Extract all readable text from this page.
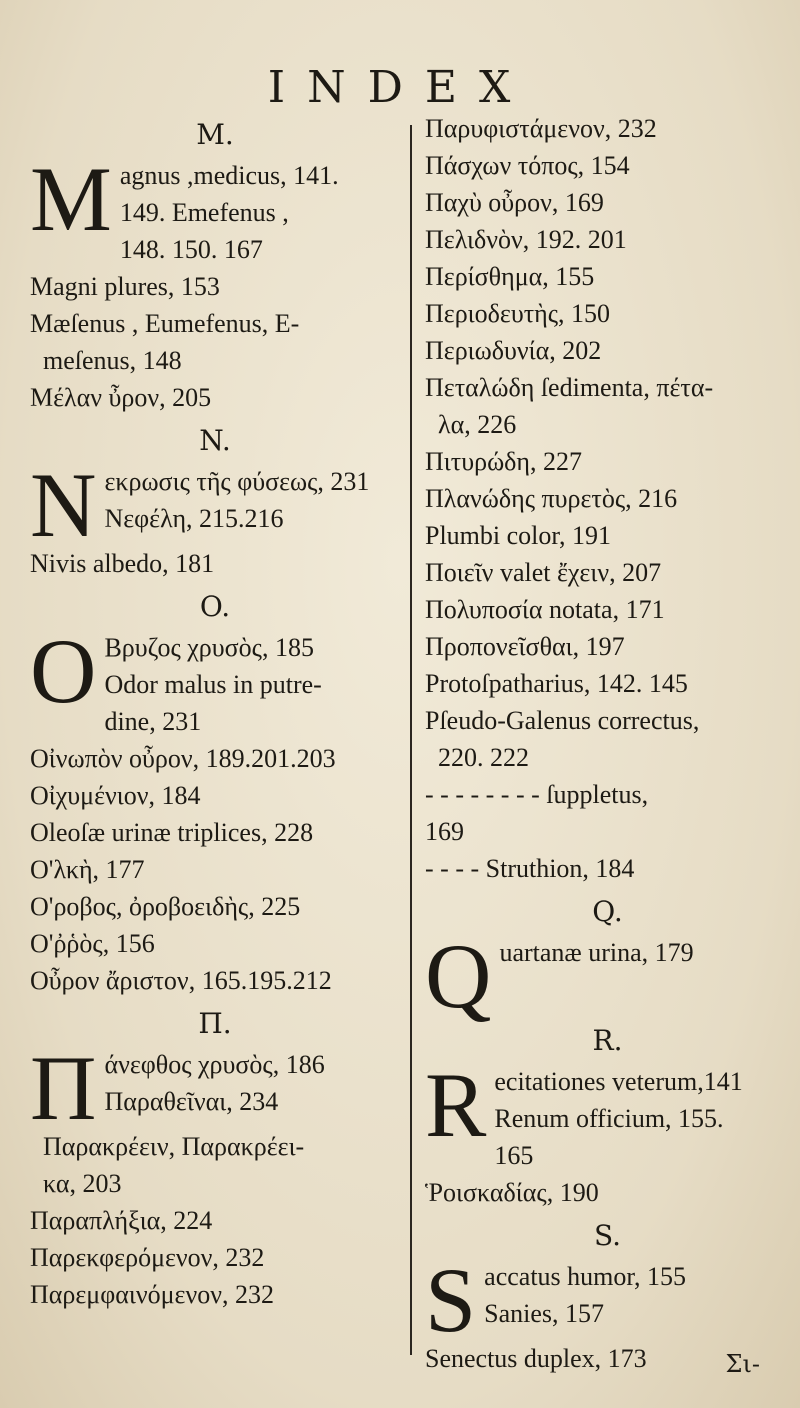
INDEX
M.
Magnus ,medicus, 141.
149. Emefenus ,
148. 150. 167
Magni plures, 153
Mæſenus , Eumefenus, E-
meſenus, 148
Μέλαν ὖρον, 205
N.
Nεκρωσις τῆς φύσεως, 231
Νεφέλη, 215.216
Nivis albedo, 181
O.
O Βρυζος χρυσὸς, 185
Odor malus in putre-
dine, 231
Οἰνωπὸν οὖρον, 189.201.203
Οἰχυμένιον, 184
Oleoſæ urinæ triplices, 228
Ο'λκὴ, 177
Ο'ροβος, ὀροβοειδὴς, 225
Ο'ῤῥὸς, 156
Οὖρον ἄριστον, 165.195.212
Π.
Πάνεφθος χρυσὸς, 186
Παραθεῖναι, 234
Παρακρέειν, Παρακρέει-
κα, 203
Παραπλήξια, 224
Παρεκφερόμενον, 232
Παρεμφαινόμενον, 232
Παρυφιστάμενον, 232
Πάσχων τόπος, 154
Παχὺ οὖρον, 169
Πελιδνὸν, 192. 201
Περίσθημα, 155
Περιοδευτὴς, 150
Περιωδυνία, 202
Πεταλώδη ſedimenta, πέτα-
λα, 226
Πιτυρώδη, 227
Πλανώδης πυρετὸς, 216
Plumbi color, 191
Ποιεῖν valet ἔχειν, 207
Πολυποσία notata, 171
Προπονεῖσθαι, 197
Protoſpatharius, 142. 145
Pſeudo-Galenus correctus,
220. 222
- - - - - - - - ſuppletus,
169
- - - - Struthion, 184
Q.
Quartanæ urina, 179
R.
Recitationes veterum,141
Renum officium, 155.
165
Ῥοισκαδίας, 190
S.
Saccatus humor, 155
Sanies, 157
Senectus duplex, 173	Σι-
